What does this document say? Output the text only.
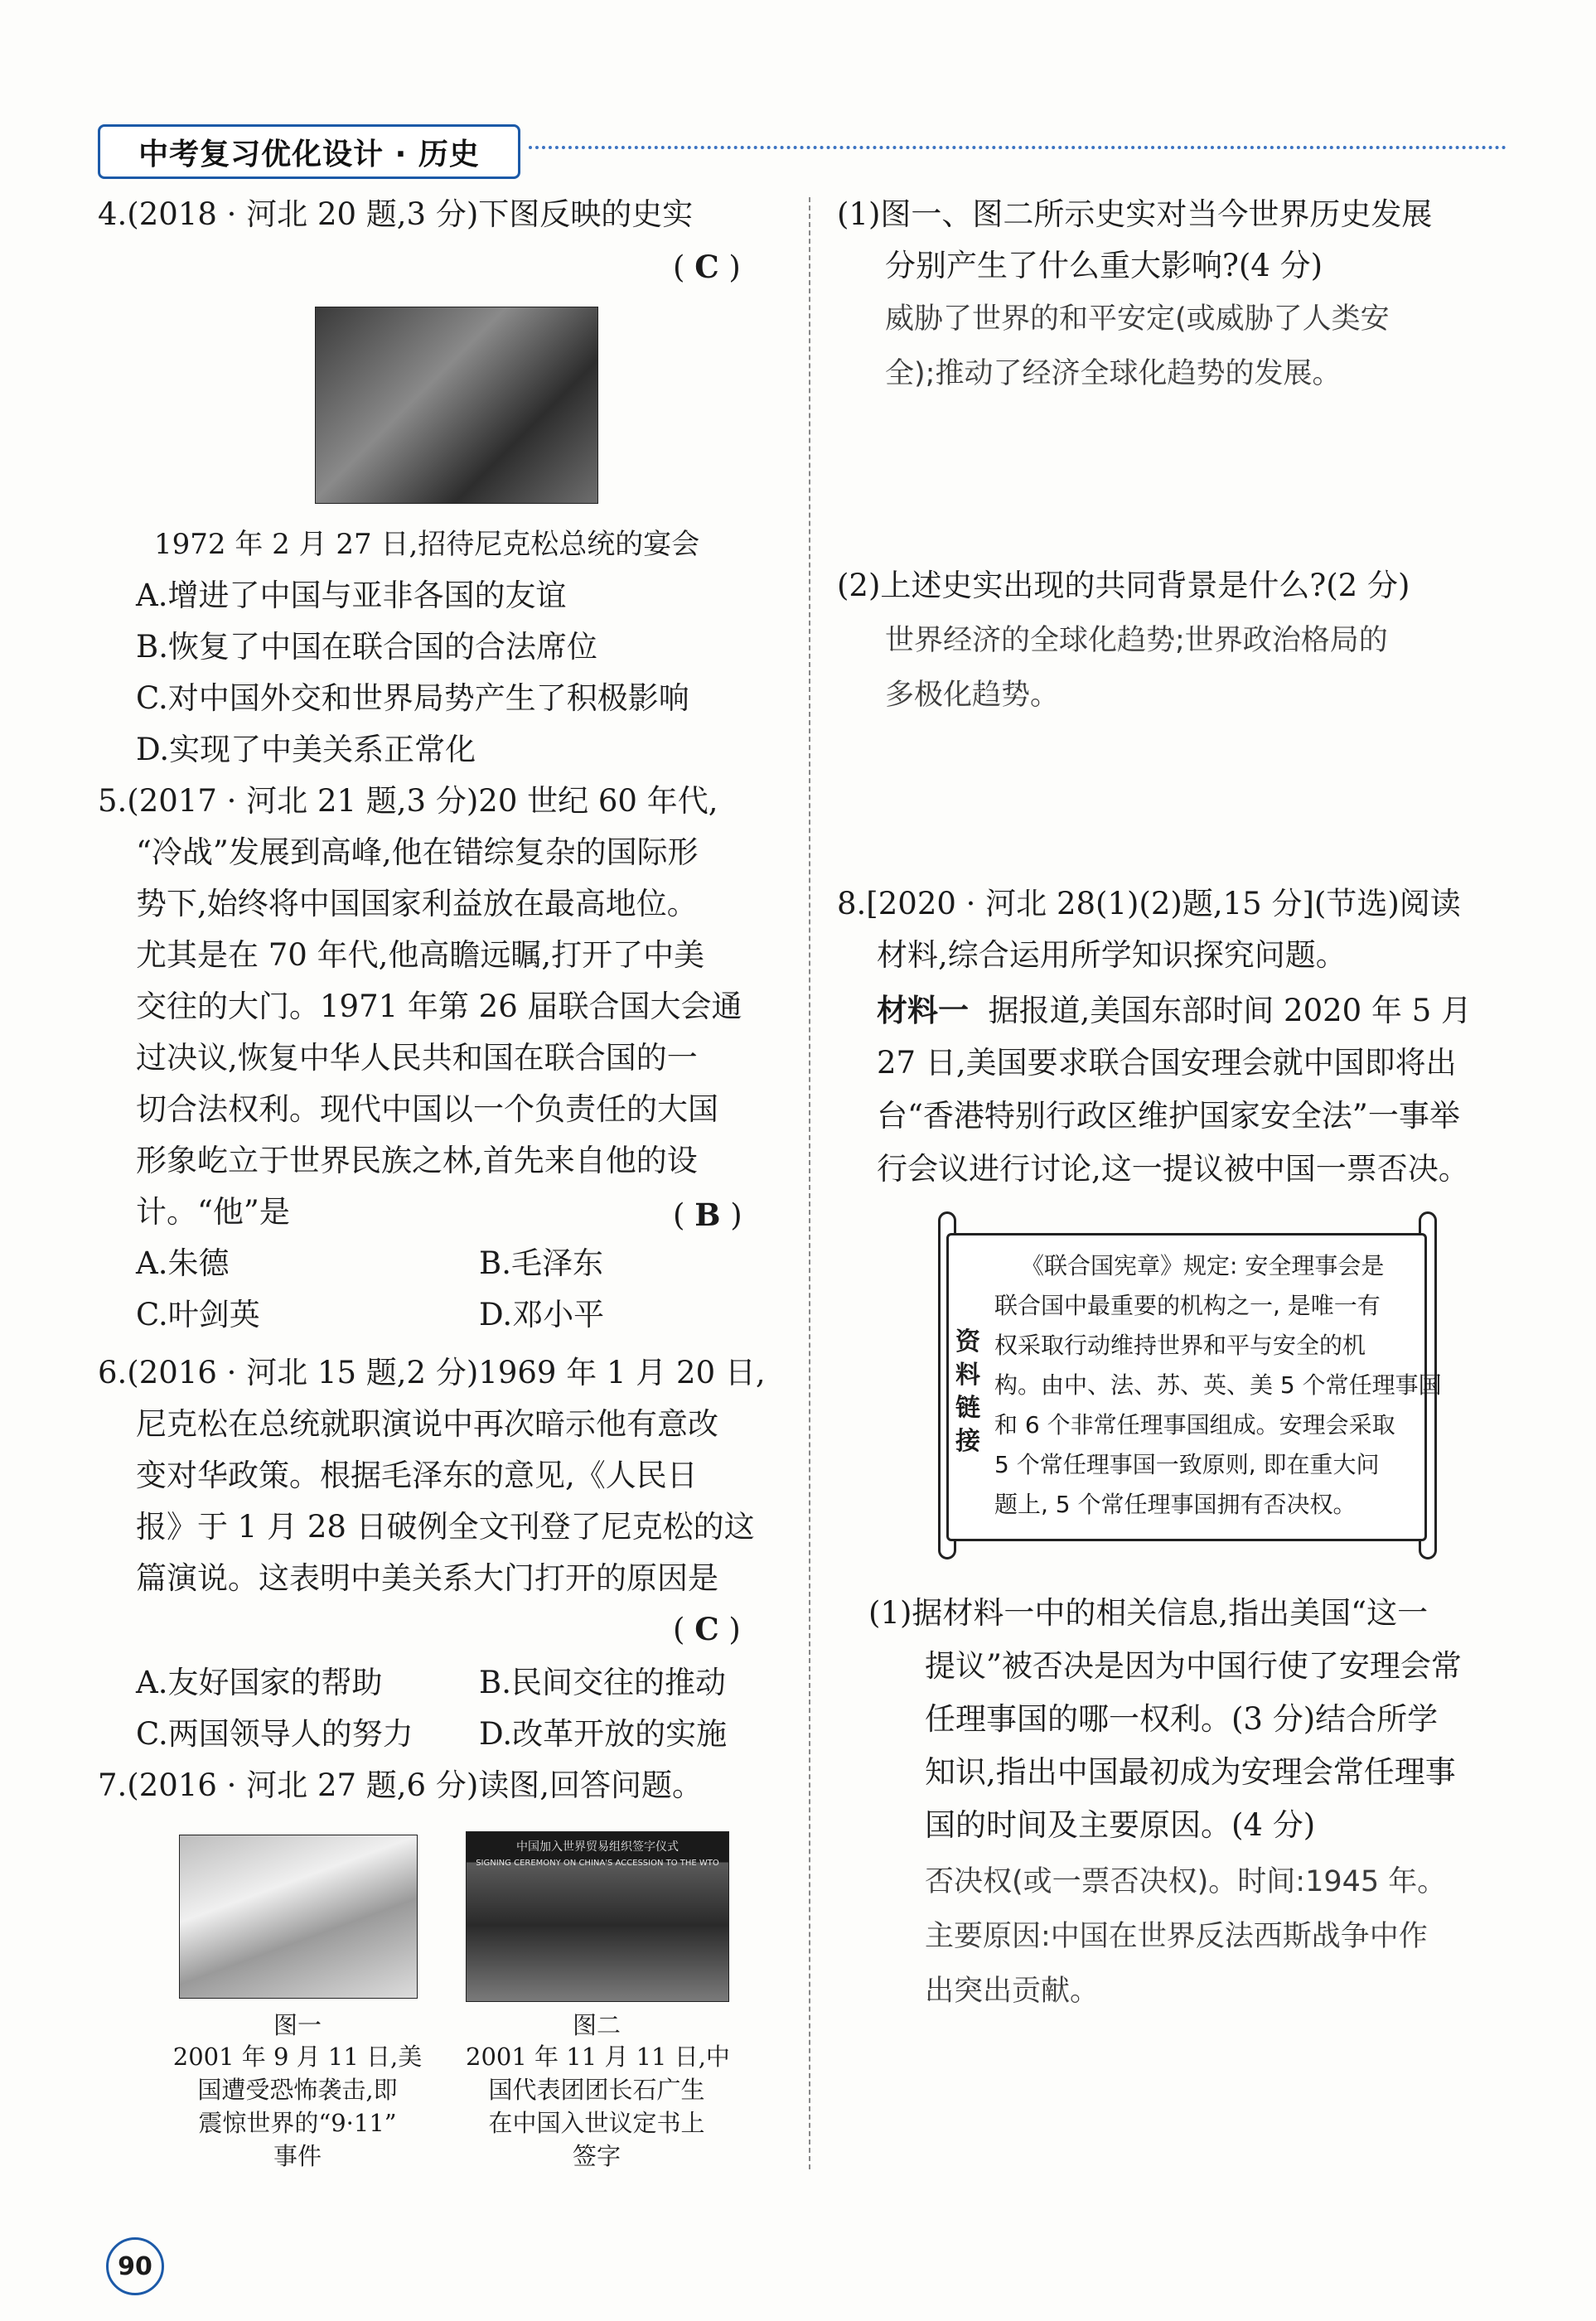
中考复习优化设计 · 历史
4.(2018 · 河北 20 题,3 分)下图反映的史实
( C )
1972 年 2 月 27 日,招待尼克松总统的宴会
A.增进了中国与亚非各国的友谊
B.恢复了中国在联合国的合法席位
C.对中国外交和世界局势产生了积极影响
D.实现了中美关系正常化
5.(2017 · 河北 21 题,3 分)20 世纪 60 年代,
“冷战”发展到高峰,他在错综复杂的国际形
势下,始终将中国国家利益放在最高地位。
尤其是在 70 年代,他高瞻远瞩,打开了中美
交往的大门。1971 年第 26 届联合国大会通
过决议,恢复中华人民共和国在联合国的一
切合法权利。现代中国以一个负责任的大国
形象屹立于世界民族之林,首先来自他的设
计。“他”是	( B )
A.朱德	B.毛泽东
C.叶剑英	D.邓小平
6.(2016 · 河北 15 题,2 分)1969 年 1 月 20 日,
尼克松在总统就职演说中再次暗示他有意改
变对华政策。根据毛泽东的意见,《人民日
报》于 1 月 28 日破例全文刊登了尼克松的这
篇演说。这表明中美关系大门打开的原因是
( C )
A.友好国家的帮助	B.民间交往的推动
C.两国领导人的努力 D.改革开放的实施
7.(2016 · 河北 27 题,6 分)读图,回答问题。
中国加入世界贸易组织签字仪式
SIGNING CEREMONY ON CHINA'S ACCESSION TO THE WTO
图一
2001 年 9 月 11 日,美
国遭受恐怖袭击,即
震惊世界的“9·11”
事件
图二
2001 年 11 月 11 日,中
国代表团团长石广生
在中国入世议定书上
签字
90
(1)图一、图二所示史实对当今世界历史发展
分别产生了什么重大影响?(4 分)
威胁了世界的和平安定(或威胁了人类安
全);推动了经济全球化趋势的发展。
(2)上述史实出现的共同背景是什么?(2 分)
世界经济的全球化趋势;世界政治格局的
多极化趋势。
8.[2020 · 河北 28(1)(2)题,15 分](节选)阅读
材料,综合运用所学知识探究问题。
材料一 据报道,美国东部时间 2020 年 5 月
27 日,美国要求联合国安理会就中国即将出
台“香港特别行政区维护国家安全法”一事举
行会议进行讨论,这一提议被中国一票否决。
资
料
链
接
《联合国宪章》规定: 安全理事会是
联合国中最重要的机构之一, 是唯一有
权采取行动维持世界和平与安全的机
构。由中、法、苏、英、美 5 个常任理事国
和 6 个非常任理事国组成。安理会采取
5 个常任理事国一致原则, 即在重大问
题上, 5 个常任理事国拥有否决权。
(1)据材料一中的相关信息,指出美国“这一
提议”被否决是因为中国行使了安理会常
任理事国的哪一权利。(3 分)结合所学
知识,指出中国最初成为安理会常任理事
国的时间及主要原因。(4 分)
否决权(或一票否决权)。时间:1945 年。
主要原因:中国在世界反法西斯战争中作
出突出贡献。
